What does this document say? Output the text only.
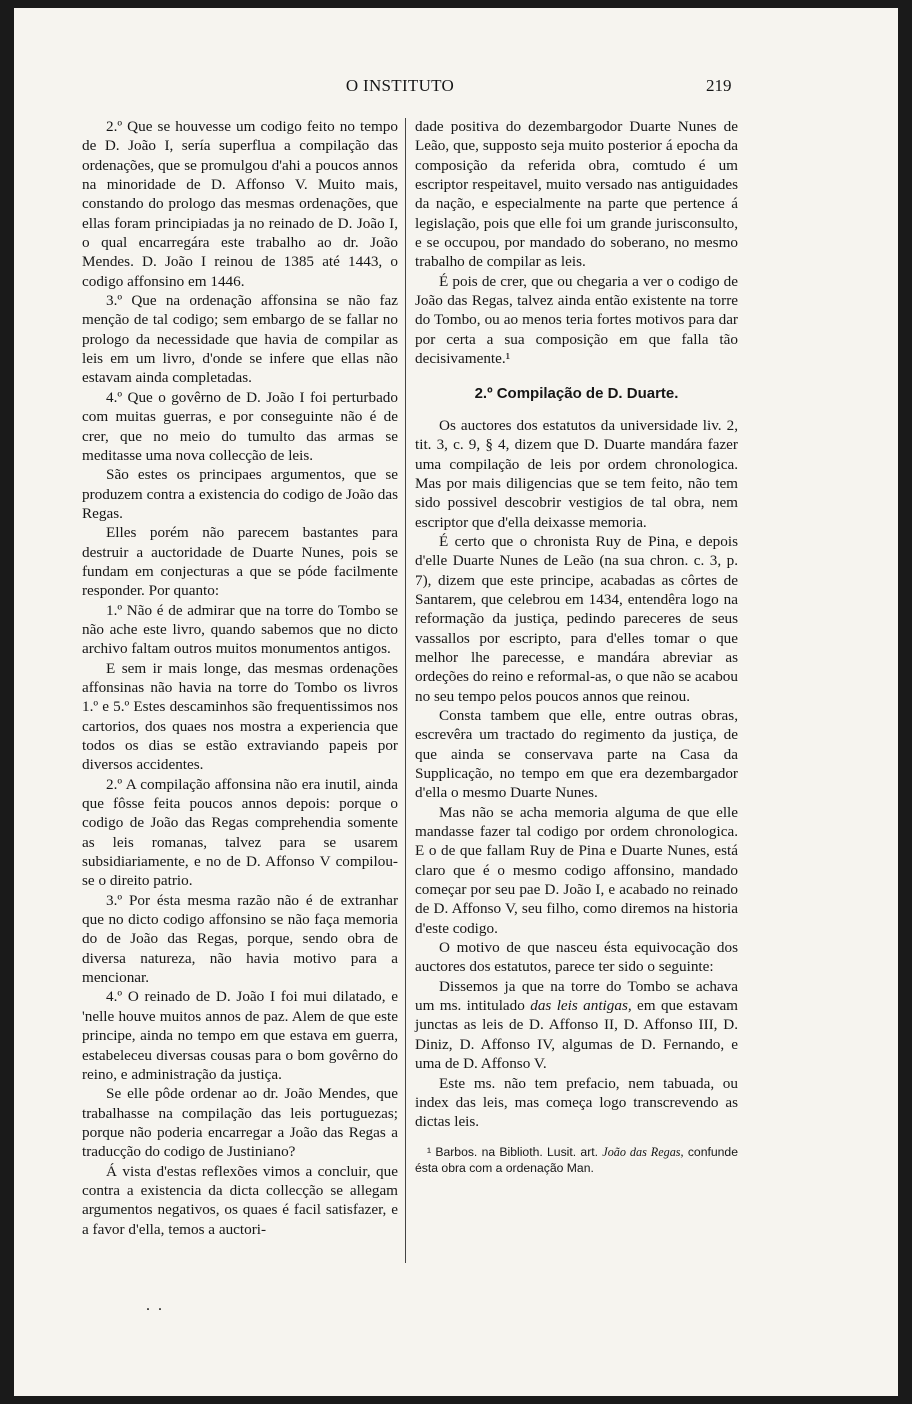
O INSTITUTO	219

2.º Que se houvesse um codigo feito no tempo de D. João I, sería superflua a compilação das ordenações, que se promulgou d'ahi a poucos annos na minoridade de D. Affonso V. Muito mais, constando do prologo das mesmas ordenações, que ellas foram principiadas ja no reinado de D. João I, o qual encarregára este trabalho ao dr. João Mendes. D. João I reinou de 1385 até 1443, o codigo affonsino em 1446.

3.º Que na ordenação affonsina se não faz menção de tal codigo; sem embargo de se fallar no prologo da necessidade que havia de compilar as leis em um livro, d'onde se infere que ellas não estavam ainda completadas.

4.º Que o govêrno de D. João I foi perturbado com muitas guerras, e por conseguinte não é de crer, que no meio do tumulto das armas se meditasse uma nova collecção de leis.

São estes os principaes argumentos, que se produzem contra a existencia do codigo de João das Regas.

Elles porém não parecem bastantes para destruir a auctoridade de Duarte Nunes, pois se fundam em conjecturas a que se póde facilmente responder. Por quanto:

1.º Não é de admirar que na torre do Tombo se não ache este livro, quando sabemos que no dicto archivo faltam outros muitos monumentos antigos.

E sem ir mais longe, das mesmas ordenações affonsinas não havia na torre do Tombo os livros 1.º e 5.º Estes descaminhos são frequentissimos nos cartorios, dos quaes nos mostra a experiencia que todos os dias se estão extraviando papeis por diversos accidentes.

2.º A compilação affonsina não era inutil, ainda que fôsse feita poucos annos depois: porque o codigo de João das Regas comprehendia somente as leis romanas, talvez para se usarem subsidiariamente, e no de D. Affonso V compilou-se o direito patrio.

3.º Por ésta mesma razão não é de extranhar que no dicto codigo affonsino se não faça memoria do de João das Regas, porque, sendo obra de diversa natureza, não havia motivo para a mencionar.

4.º O reinado de D. João I foi mui dilatado, e 'nelle houve muitos annos de paz. Alem de que este principe, ainda no tempo em que estava em guerra, estabeleceu diversas cousas para o bom govêrno do reino, e administração da justiça.

Se elle pôde ordenar ao dr. João Mendes, que trabalhasse na compilação das leis portuguezas; porque não poderia encarregar a João das Regas a traducção do codigo de Justiniano?

Á vista d'estas reflexões vimos a concluir, que contra a existencia da dicta collecção se allegam argumentos negativos, os quaes é facil satisfazer, e a favor d'ella, temos a auctori-

dade positiva do dezembargodor Duarte Nunes de Leão, que, supposto seja muito posterior á epocha da composição da referida obra, comtudo é um escriptor respeitavel, muito versado nas antiguidades da nação, e especialmente na parte que pertence á legislação, pois que elle foi um grande jurisconsulto, e se occupou, por mandado do soberano, no mesmo trabalho de compilar as leis.

É pois de crer, que ou chegaria a ver o codigo de João das Regas, talvez ainda então existente na torre do Tombo, ou ao menos teria fortes motivos para dar por certa a sua composição em que falla tão decisivamente.¹

2.º Compilação de D. Duarte.

Os auctores dos estatutos da universidade liv. 2, tit. 3, c. 9, § 4, dizem que D. Duarte mandára fazer uma compilação de leis por ordem chronologica. Mas por mais diligencias que se tem feito, não tem sido possivel descobrir vestigios de tal obra, nem escriptor que d'ella deixasse memoria.

É certo que o chronista Ruy de Pina, e depois d'elle Duarte Nunes de Leão (na sua chron. c. 3, p. 7), dizem que este principe, acabadas as côrtes de Santarem, que celebrou em 1434, entendêra logo na reformação da justiça, pedindo pareceres de seus vassallos por escripto, para d'elles tomar o que melhor lhe parecesse, e mandára abreviar as ordeções do reino e reformal-as, o que não se acabou no seu tempo pelos poucos annos que reinou.

Consta tambem que elle, entre outras obras, escrevêra um tractado do regimento da justiça, de que ainda se conservava parte na Casa da Supplicação, no tempo em que era dezembargador d'ella o mesmo Duarte Nunes.

Mas não se acha memoria alguma de que elle mandasse fazer tal codigo por ordem chronologica. E o de que fallam Ruy de Pina e Duarte Nunes, está claro que é o mesmo codigo affonsino, mandado começar por seu pae D. João I, e acabado no reinado de D. Affonso V, seu filho, como diremos na historia d'este codigo.

O motivo de que nasceu ésta equivocação dos auctores dos estatutos, parece ter sido o seguinte:

Dissemos ja que na torre do Tombo se achava um ms. intitulado das leis antigas, em que estavam junctas as leis de D. Affonso II, D. Affonso III, D. Diniz, D. Affonso IV, algumas de D. Fernando, e uma de D. Affonso V.

Este ms. não tem prefacio, nem tabuada, ou index das leis, mas começa logo transcrevendo as dictas leis.

¹ Barbos. na Biblioth. Lusit. art. João das Regas, confunde ésta obra com a ordenação Man.

. .
